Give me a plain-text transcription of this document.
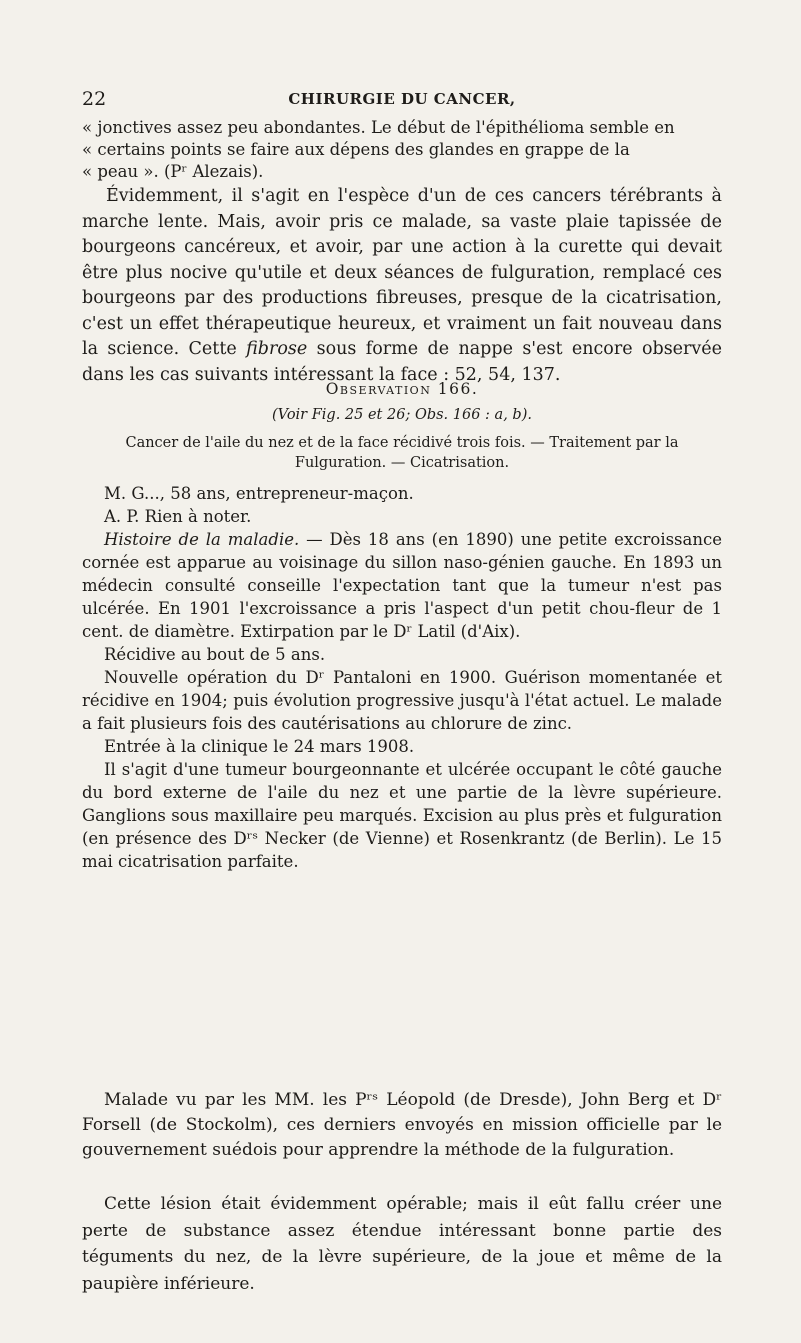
22	CHIRURGIE DU CANCER,

« jonctives assez peu abondantes. Le début de l'épithélioma semble en

« certains points se faire aux dépens des glandes en grappe de la

« peau ». (Pʳ Alezais).

Évidemment, il s'agit en l'espèce d'un de ces cancers térébrants à marche lente. Mais, avoir pris ce malade, sa vaste plaie tapissée de bourgeons cancéreux, et avoir, par une action à la curette qui devait être plus nocive qu'utile et deux séances de fulguration, remplacé ces bourgeons par des productions fibreuses, presque de la cicatrisation, c'est un effet thérapeutique heureux, et vraiment un fait nouveau dans la science. Cette fibrose sous forme de nappe s'est encore observée dans les cas suivants intéressant la face : 52, 54, 137.

Observation 166.
(Voir Fig. 25 et 26; Obs. 166 : a, b).
Cancer de l'aile du nez et de la face récidivé trois fois. — Traitement par la Fulguration. — Cicatrisation.

M. G..., 58 ans, entrepreneur-maçon.

A. P. Rien à noter.

Histoire de la maladie. — Dès 18 ans (en 1890) une petite excroissance cornée est apparue au voisinage du sillon naso-génien gauche. En 1893 un médecin consulté conseille l'expectation tant que la tumeur n'est pas ulcérée. En 1901 l'excroissance a pris l'aspect d'un petit chou-fleur de 1 cent. de diamètre. Extirpation par le Dʳ Latil (d'Aix).

Récidive au bout de 5 ans.

Nouvelle opération du Dʳ Pantaloni en 1900. Guérison momentanée et récidive en 1904; puis évolution progressive jusqu'à l'état actuel. Le malade a fait plusieurs fois des cautérisations au chlorure de zinc.

Entrée à la clinique le 24 mars 1908.

Il s'agit d'une tumeur bourgeonnante et ulcérée occupant le côté gauche du bord externe de l'aile du nez et une partie de la lèvre supérieure. Ganglions sous maxillaire peu marqués. Excision au plus près et fulguration (en présence des Dʳˢ Necker (de Vienne) et Rosenkrantz (de Berlin). Le 15 mai cicatrisation parfaite.

Malade vu par les MM. les Pʳˢ Léopold (de Dresde), John Berg et Dʳ Forsell (de Stockolm), ces derniers envoyés en mission officielle par le gouvernement suédois pour apprendre la méthode de la fulguration.

Cette lésion était évidemment opérable; mais il eût fallu créer une perte de substance assez étendue intéressant bonne partie des téguments du nez, de la lèvre supérieure, de la joue et même de la paupière inférieure.
